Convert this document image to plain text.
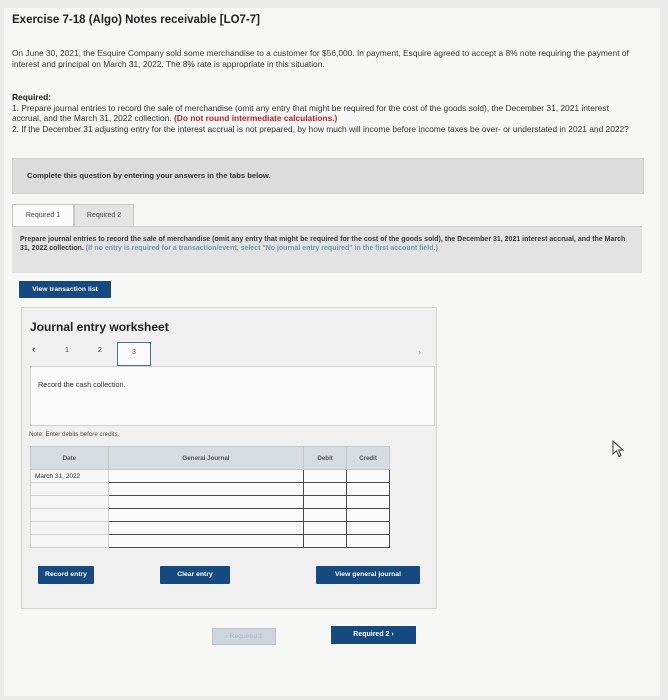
Exercise 7-18 (Algo) Notes receivable [LO7-7]
On June 30, 2021, the Esquire Company sold some merchandise to a customer for $56,000. In payment, Esquire agreed to accept a 8% note requiring the payment of interest and principal on March 31, 2022. The 8% rate is appropriate in this situation.
Required:
1. Prepare journal entries to record the sale of merchandise (omit any entry that might be required for the cost of the goods sold), the December 31, 2021 interest accrual, and the March 31, 2022 collection. (Do not round intermediate calculations.)
2. If the December 31 adjusting entry for the interest accrual is not prepared, by how much will income before income taxes be over- or understated in 2021 and 2022?
Complete this question by entering your answers in the tabs below.
Required 1	Required 2

Prepare journal entries to record the sale of merchandise (omit any entry that might be required for the cost of the goods sold), the December 31, 2021 interest accrual, and the March 31, 2022 collection. (If no entry is required for a transaction/event, select "No journal entry required" in the first account field.)

View transaction list
Journal entry worksheet
‹	1	2	3	›
Record the cash collection.
Note: Enter debits before credits.
Date	General Journal	Debit	Credit
March 31, 2022			

Record entry	Clear entry	View general journal
‹ Required 1	Required 2 ›
